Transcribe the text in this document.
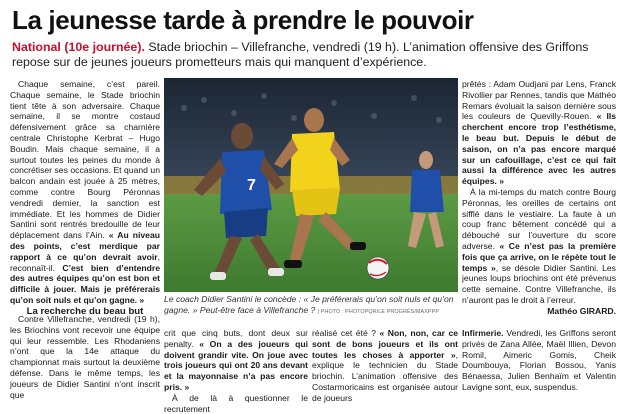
La jeunesse tarde à prendre le pouvoir
National (10e journée). Stade briochin – Villefranche, vendredi (19 h). L’animation offensive des Griffons repose sur de jeunes joueurs prometteurs mais qui manquent d’expérience.

Chaque semaine, c’est pareil. Chaque semaine, le Stade briochin tient tête à son adversaire. Chaque semaine, il se montre costaud défensivement grâce sa charnière centrale Christophe Kerbrat – Hugo Boudin. Mais chaque semaine, il a surtout toutes les peines du monde à concrétiser ses occasions. Et quand un balcon andain est jouée à 25 mètres, comme contre Bourg Péronnas vendredi dernier, la sanction est immédiate. Et les hommes de Didier Santini sont rentrés bredouille de leur déplacement dans l’Ain. « Au niveau des points, c’est merdique par rapport à ce qu’on devrait avoir, reconnaît-il. C’est bien d’entendre des autres équipes qu’on est bon et difficile à jouer. Mais je préférerais qu’on soit nuls et qu’on gagne. »

La recherche du beau but

7
Le coach Didier Santini le concède : « Je préférerais qu’on soit nuls et qu’on gagne. » Peut-être face à Villefranche ? | PHOTO : PHOTOPQR/LE PROGRÈS/MAXPPP

prêtés : Adam Oudjani par Lens, Franck Rivollier par Rennes, tandis que Mathéo Remars évoluait la saison dernière sous les couleurs de Quevilly-Rouen. « Ils cherchent encore trop l’esthétisme, le beau but. Depuis le début de saison, on n’a pas encore marqué sur un cafouillage, c’est ce qui fait aussi la différence avec les autres équipes. »

À la mi-temps du match contre Bourg Péronnas, les oreilles de certains ont sifflé dans le vestiaire. La faute à un coup franc bêtement concédé qui a débouché sur l’ouverture du score adverse. « Ce n’est pas la première fois que ça arrive, on le répète tout le temps », se désole Didier Santini. Les jeunes loups briochins ont été prévenus cette semaine. Contre Villefranche, ils n’auront pas le droit à l’erreur.

Mathéo GIRARD.

Contre Villefranche, vendredi (19 h), les Briochins vont recevoir une équipe qui leur ressemble. Les Rhodaniens n’ont que la 14e attaque du championnat mais surtout la deuxième défense. Dans le même temps, les joueurs de Didier Santini n’ont inscrit que

crit que cinq buts, dont deux sur penalty. « On a des joueurs qui doivent grandir vite. On joue avec trois joueurs qui ont 20 ans devant et la mayonnaise n’a pas encore pris. »

À de là à questionner le recrutement

réalisé cet été ? « Non, non, car ce sont de bons joueurs et ils ont toutes les choses à apporter », explique le technicien du Stade briochin. L’animation offensive des Costarmoricains est organisée autour de joueurs

Infirmerie. Vendredi, les Griffons seront privés de Zana Allée, Maël Illien, Devon Romil, Aimeric Gomis, Cheik Doumbouya, Florian Bossou, Yanis Bénaessa, Julien Benhaïm et Valentin Lavigne sont, eux, suspendus.
